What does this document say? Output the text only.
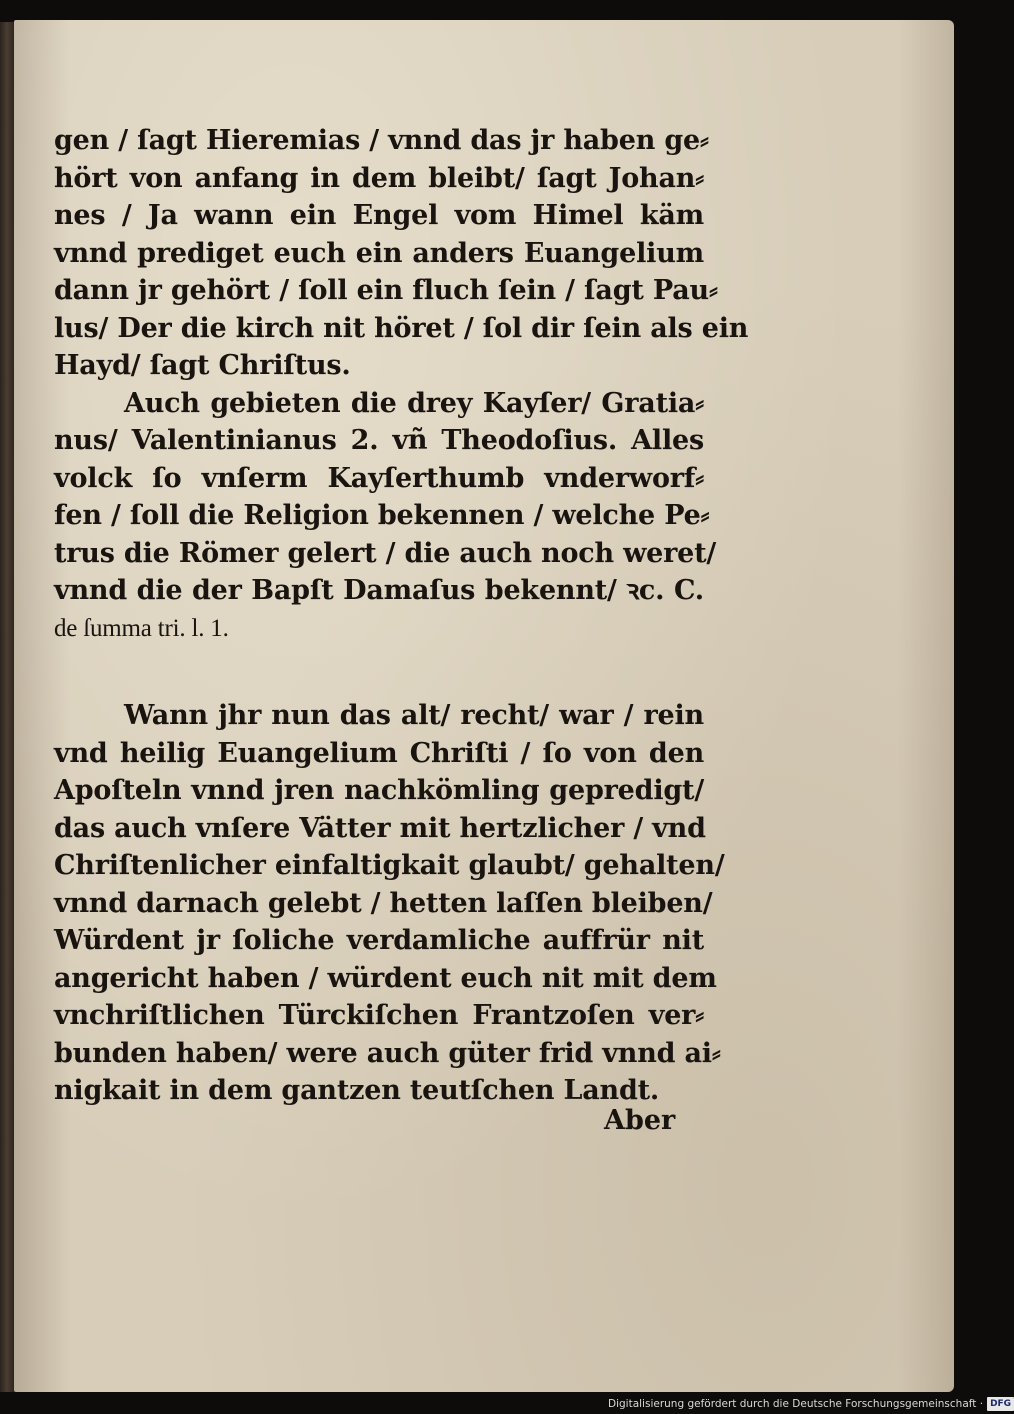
gen / ſagt Hieremias / vnnd das jr haben ge⸗
hört von anfang in dem bleibt/ ſagt Johan⸗
nes / Ja wann ein Engel vom Himel käm
vnnd prediget euch ein anders Euangelium
dann jr gehört / ſoll ein fluch ſein / ſagt Pau⸗
lus/ Der die kirch nit höret / ſol dir ſein als ein
Hayd/ ſagt Chriſtus.
Auch gebieten die drey Kayſer/ Gratia⸗
nus/ Valentinianus 2. vñ Theodoſius. Alles
volck ſo vnſerm Kayſerthumb vnderworf⸗
fen / ſoll die Religion bekennen / welche Pe⸗
trus die Römer gelert / die auch noch weret/
vnnd die der Bapſt Damaſus bekennt/ ꝛc. C.
de ſumma tri. l. 1.
Wann jhr nun das alt/ recht/ war / rein
vnd heilig Euangelium Chriſti / ſo von den
Apoſteln vnnd jren nachkömling gepredigt/
das auch vnſere Vätter mit hertzlicher / vnd
Chriſtenlicher einfaltigkait glaubt/ gehalten/
vnnd darnach gelebt / hetten laſſen bleiben/
Würdent jr ſoliche verdamliche auffrür nit
angericht haben / würdent euch nit mit dem
vnchriſtlichen Türckiſchen Frantzoſen ver⸗
bunden haben/ were auch güter frid vnnd ai⸗
nigkait in dem gantzen teutſchen Landt.
Aber
Digitalisierung gefördert durch die Deutsche Forschungsgemeinschaft · DFG
